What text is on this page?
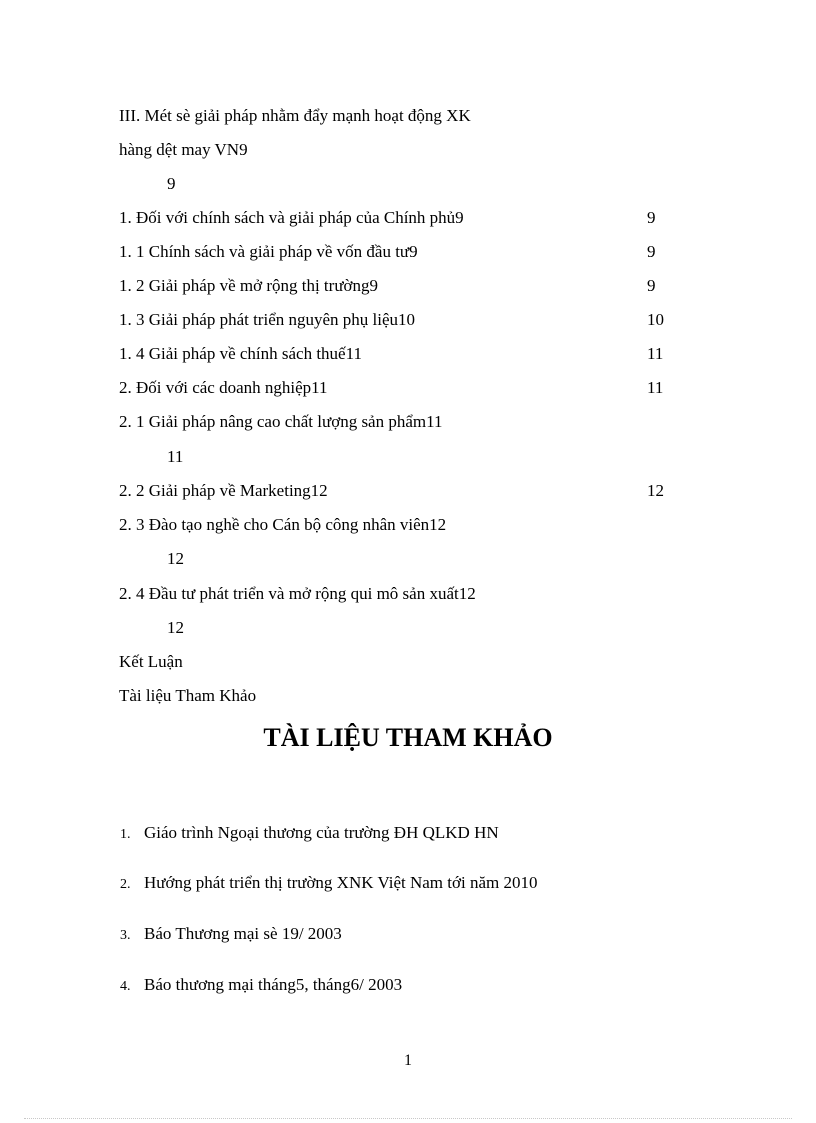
III. Mét sè giải pháp nhằm đẩy mạnh hoạt động XK
hàng dệt may VN9
9
1. Đối với chính sách và giải pháp của Chính phủ9	9
1. 1 Chính sách và giải pháp về vốn đầu tư9	9
1. 2 Giải pháp về mở rộng thị trường9	9
1. 3 Giải pháp phát triển nguyên phụ liệu10	10
1. 4 Giải pháp về chính sách thuế11	11
2. Đối với các doanh nghiệp11	11
2. 1 Giải pháp nâng cao chất lượng sản phẩm11
11
2. 2 Giải pháp về Marketing12	12
2. 3 Đào tạo nghề cho Cán bộ công nhân viên12
12
2. 4 Đầu tư phát triển và mở rộng qui mô sản xuất12
12
Kết Luận
Tài liệu Tham Khảo
TÀI LIỆU THAM KHẢO
1. Giáo trình Ngoại thương của trường ĐH QLKD HN
2. Hướng phát triển thị trường XNK Việt Nam tới năm 2010
3. Báo Thương mại sè 19/ 2003
4. Báo thương mại tháng5, tháng6/ 2003
1
